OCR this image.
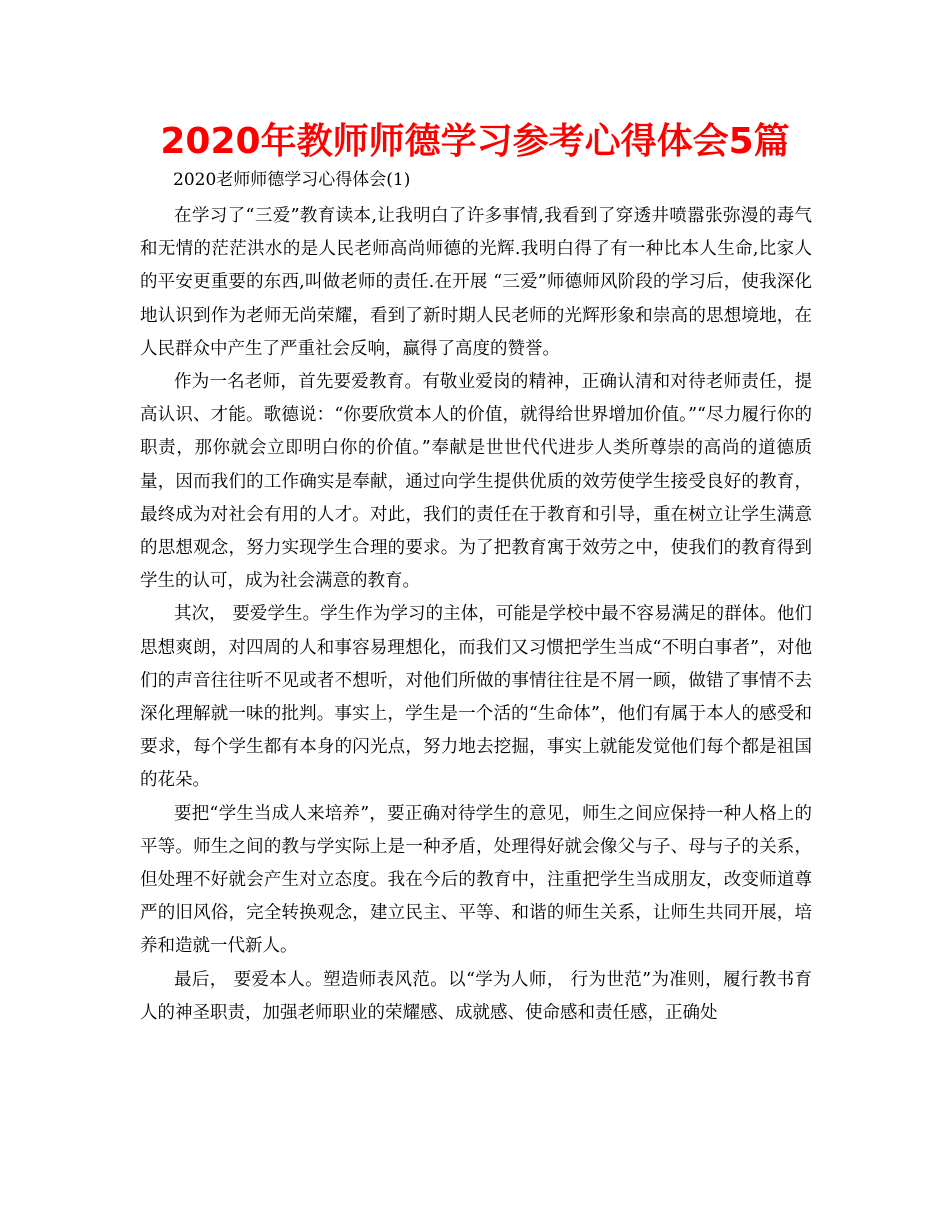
2020年教师师德学习参考心得体会5篇
2020老师师德学习心得体会(1)

在学习了“三爱”教育读本,让我明白了许多事情,我看到了穿透井喷嚣张弥漫的毒气和无情的茫茫洪水的是人民老师高尚师德的光辉.我明白得了有一种比本人生命,比家人的平安更重要的东西,叫做老师的责任.在开展 “三爱”师德师风阶段的学习后，使我深化地认识到作为老师无尚荣耀，看到了新时期人民老师的光辉形象和崇高的思想境地，在人民群众中产生了严重社会反响，赢得了高度的赞誉。

作为一名老师，首先要爱教育。有敬业爱岗的精神，正确认清和对待老师责任，提高认识、才能。歌德说：“你要欣赏本人的价值，就得给世界增加价值。”“尽力履行你的职责，那你就会立即明白你的价值。”奉献是世世代代进步人类所尊崇的高尚的道德质量，因而我们的工作确实是奉献，通过向学生提供优质的效劳使学生接受良好的教育，最终成为对社会有用的人才。对此，我们的责任在于教育和引导，重在树立让学生满意的思想观念，努力实现学生合理的要求。为了把教育寓于效劳之中，使我们的教育得到学生的认可，成为社会满意的教育。

其次， 要爱学生。学生作为学习的主体，可能是学校中最不容易满足的群体。他们思想爽朗，对四周的人和事容易理想化，而我们又习惯把学生当成“不明白事者”，对他们的声音往往听不见或者不想听，对他们所做的事情往往是不屑一顾，做错了事情不去深化理解就一味的批判。事实上，学生是一个活的“生命体”，他们有属于本人的感受和要求，每个学生都有本身的闪光点，努力地去挖掘，事实上就能发觉他们每个都是祖国的花朵。

要把“学生当成人来培养”，要正确对待学生的意见，师生之间应保持一种人格上的平等。师生之间的教与学实际上是一种矛盾，处理得好就会像父与子、母与子的关系，但处理不好就会产生对立态度。我在今后的教育中，注重把学生当成朋友，改变师道尊严的旧风俗，完全转换观念，建立民主、平等、和谐的师生关系，让师生共同开展，培养和造就一代新人。

最后， 要爱本人。塑造师表风范。以“学为人师， 行为世范”为准则，履行教书育人的神圣职责，加强老师职业的荣耀感、成就感、使命感和责任感，正确处
